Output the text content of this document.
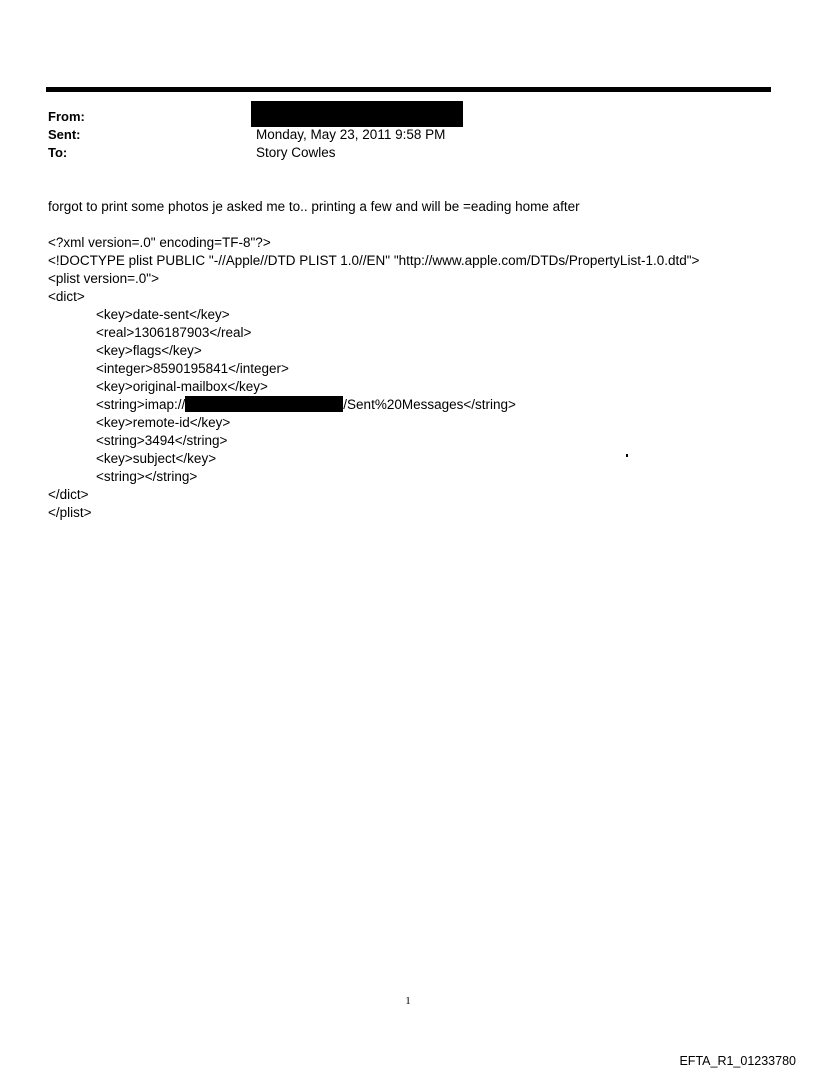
From:
Sent:	Monday, May 23, 2011 9:58 PM
To:	Story Cowles
forgot to print some photos je asked me to.. printing a few and will be =eading home after
<?xml version=.0" encoding=TF-8"?>
<!DOCTYPE plist PUBLIC "-//Apple//DTD PLIST 1.0//EN" "http://www.apple.com/DTDs/PropertyList-1.0.dtd">
<plist version=.0">
<dict>
<key>date-sent</key>
<real>1306187903</real>
<key>flags</key>
<integer>8590195841</integer>
<key>original-mailbox</key>
<string>imap://	/Sent%20Messages</string>
<key>remote-id</key>
<string>3494</string>
<key>subject</key>
<string></string>
</dict>
</plist>
1
EFTA_R1_01233780
